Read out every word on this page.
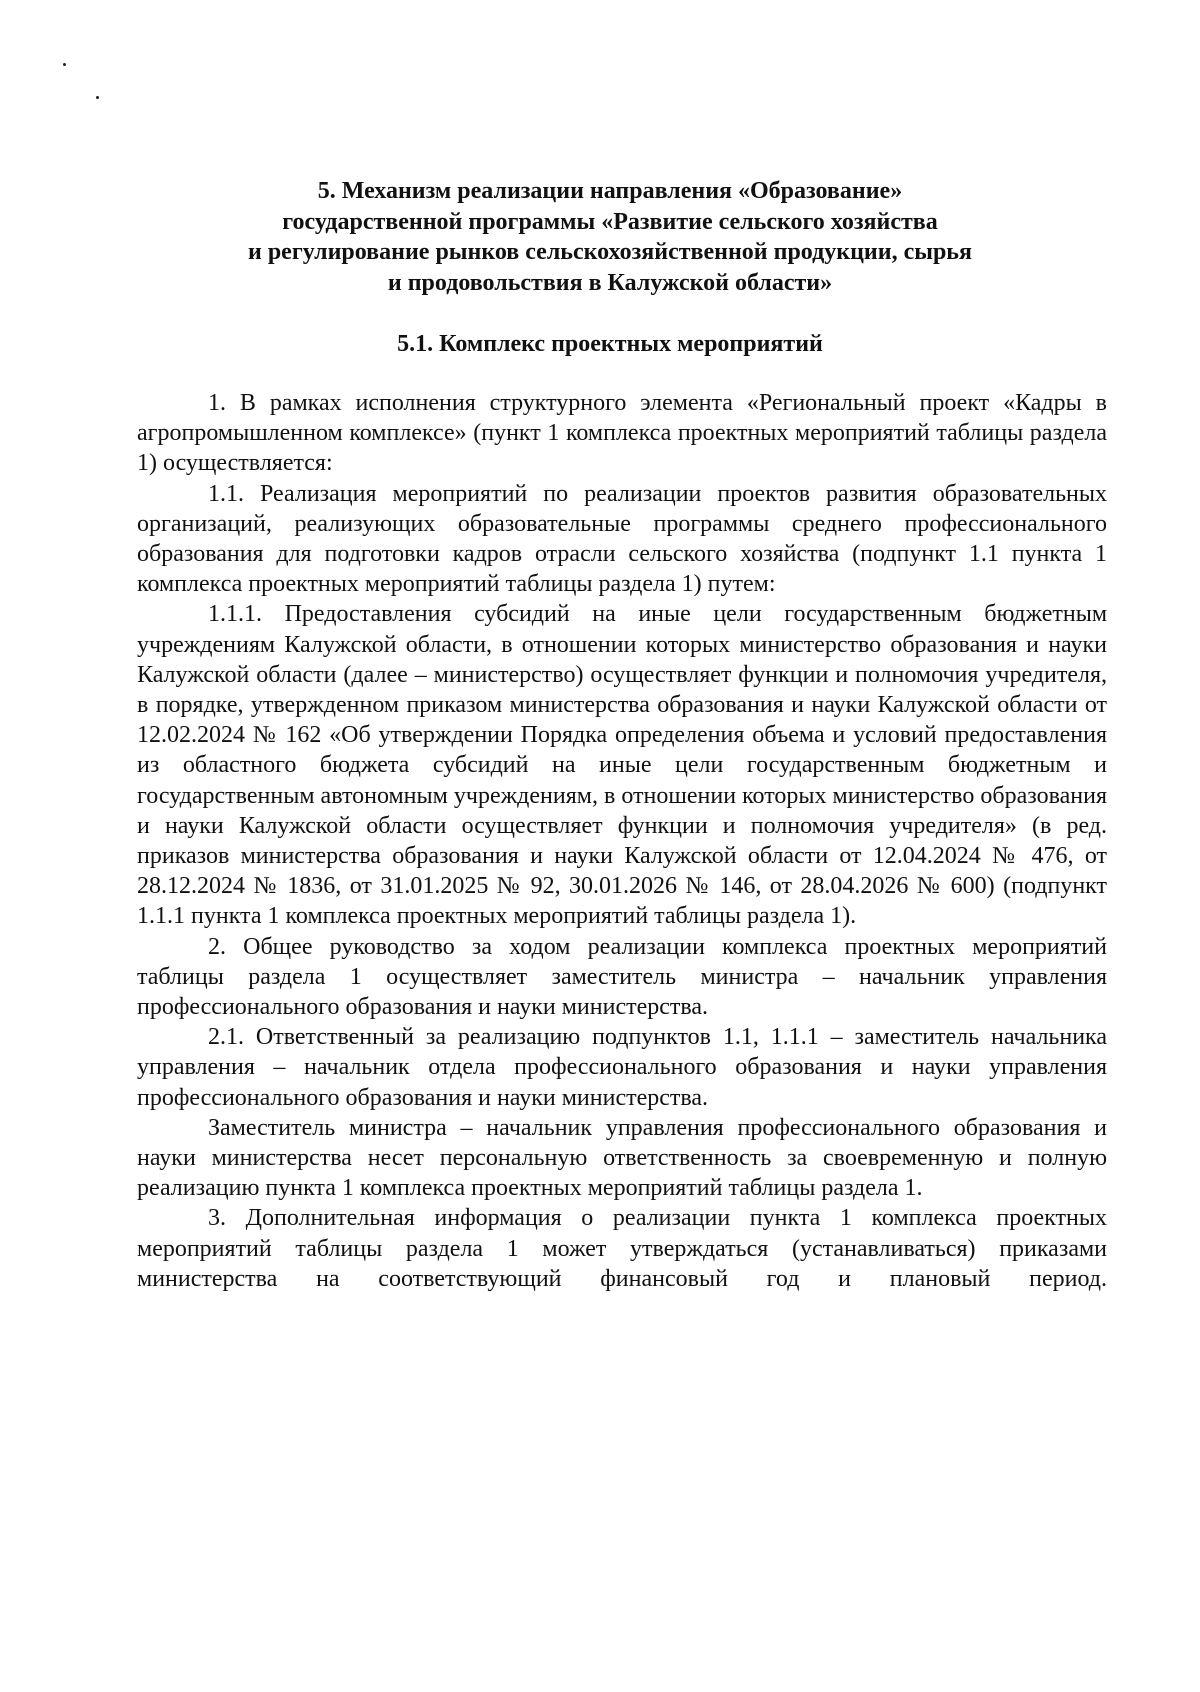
5. Механизм реализации направления «Образование»
государственной программы «Развитие сельского хозяйства
и регулирование рынков сельскохозяйственной продукции, сырья
и продовольствия в Калужской области»
5.1. Комплекс проектных мероприятий

1. В рамках исполнения структурного элемента «Региональный проект «Кадры в агропромышленном комплексе» (пункт 1 комплекса проектных мероприятий таблицы раздела 1) осуществляется:

1.1. Реализация мероприятий по реализации проектов развития образовательных организаций, реализующих образовательные программы среднего профессионального образования для подготовки кадров отрасли сельского хозяйства (подпункт 1.1 пункта 1 комплекса проектных мероприятий таблицы раздела 1) путем:

1.1.1. Предоставления субсидий на иные цели государственным бюджетным учреждениям Калужской области, в отношении которых министерство образования и науки Калужской области (далее – министерство) осуществляет функции и полномочия учредителя, в порядке, утвержденном приказом министерства образования и науки Калужской области от 12.02.2024 № 162 «Об утверждении Порядка определения объема и условий предоставления из областного бюджета субсидий на иные цели государственным бюджетным и государственным автономным учреждениям, в отношении которых министерство образования и науки Калужской области осуществляет функции и полномочия учредителя» (в ред. приказов министерства образования и науки Калужской области от 12.04.2024 № 476, от 28.12.2024 № 1836, от 31.01.2025 № 92, 30.01.2026 № 146, от 28.04.2026 № 600) (подпункт 1.1.1 пункта 1 комплекса проектных мероприятий таблицы раздела 1).

2. Общее руководство за ходом реализации комплекса проектных мероприятий таблицы раздела 1 осуществляет заместитель министра – начальник управления профессионального образования и науки министерства.

2.1. Ответственный за реализацию подпунктов 1.1, 1.1.1 – заместитель начальника управления – начальник отдела профессионального образования и науки управления профессионального образования и науки министерства.

Заместитель министра – начальник управления профессионального образования и науки министерства несет персональную ответственность за своевременную и полную реализацию пункта 1 комплекса проектных мероприятий таблицы раздела 1.

3. Дополнительная информация о реализации пункта 1 комплекса проектных мероприятий таблицы раздела 1 может утверждаться (устанавливаться) приказами министерства на соответствующий финансовый год и плановый период.
